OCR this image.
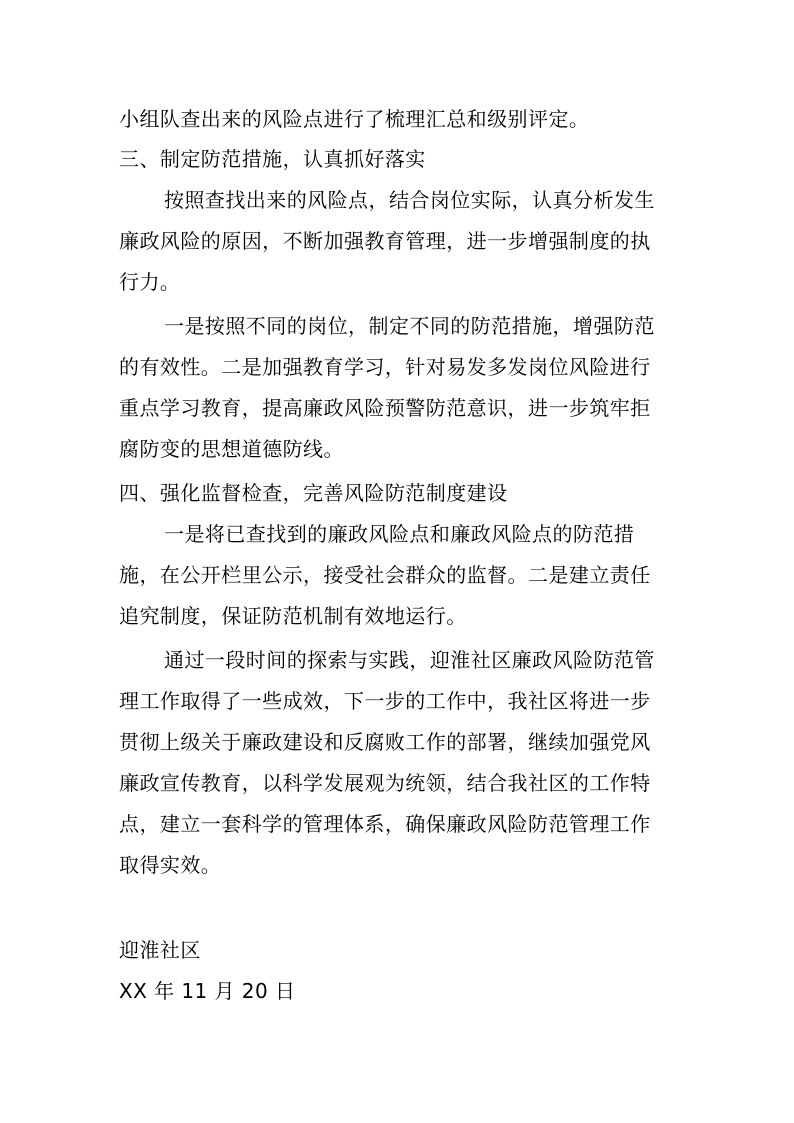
小组队查出来的风险点进行了梳理汇总和级别评定。
三、制定防范措施，认真抓好落实
按照查找出来的风险点，结合岗位实际，认真分析发生
廉政风险的原因，不断加强教育管理，进一步增强制度的执
行力。
一是按照不同的岗位，制定不同的防范措施，增强防范
的有效性。二是加强教育学习，针对易发多发岗位风险进行
重点学习教育，提高廉政风险预警防范意识，进一步筑牢拒
腐防变的思想道德防线。
四、强化监督检查，完善风险防范制度建设
一是将已查找到的廉政风险点和廉政风险点的防范措
施，在公开栏里公示，接受社会群众的监督。二是建立责任
追究制度，保证防范机制有效地运行。
通过一段时间的探索与实践，迎淮社区廉政风险防范管
理工作取得了一些成效，下一步的工作中，我社区将进一步
贯彻上级关于廉政建设和反腐败工作的部署，继续加强党风
廉政宣传教育，以科学发展观为统领，结合我社区的工作特
点，建立一套科学的管理体系，确保廉政风险防范管理工作
取得实效。
迎淮社区
XX 年 11 月 20 日
